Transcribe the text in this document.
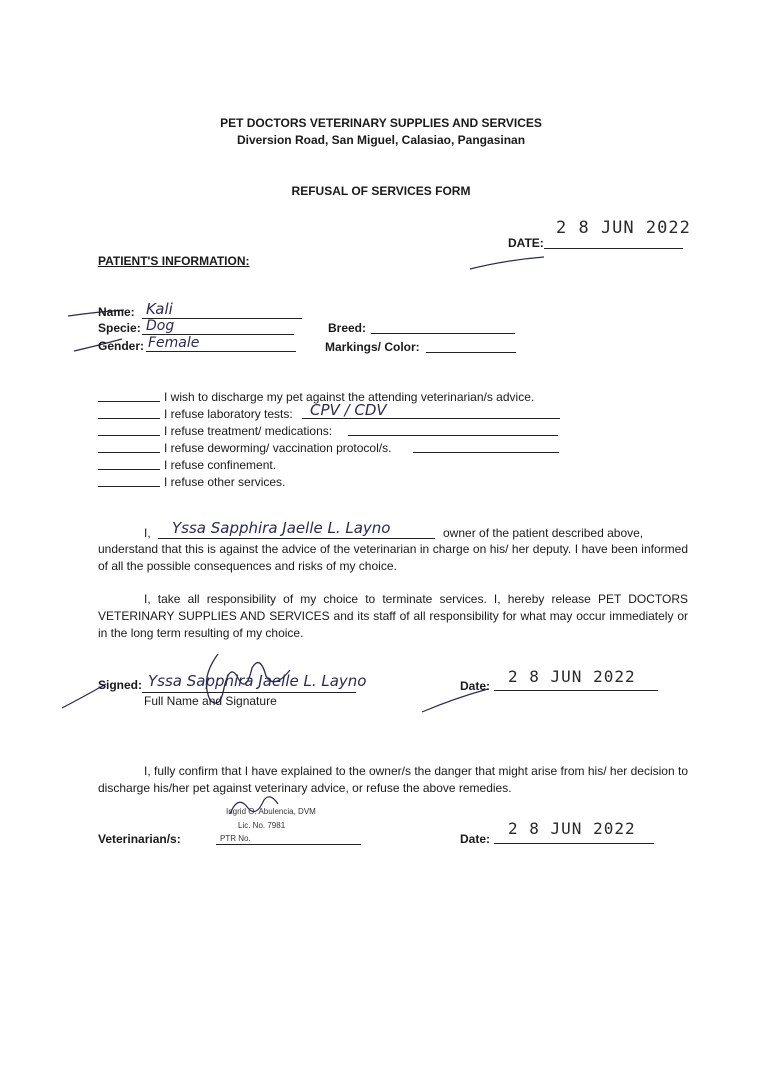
PET DOCTORS VETERINARY SUPPLIES AND SERVICES
Diversion Road, San Miguel, Calasiao, Pangasinan
REFUSAL OF SERVICES FORM
2 8 JUN 2022
DATE:
PATIENT'S INFORMATION:
Name: Kali
Specie: Dog
Gender: Female
Breed:
Markings/ Color:
I wish to discharge my pet against the attending veterinarian/s advice.
I refuse laboratory tests: CPV / CDV
I refuse treatment/ medications:
I refuse deworming/ vaccination protocol/s.
I refuse confinement.
I refuse other services.
I, Yssa Sapphira Jaelle L. Layno	owner of the patient described above,
understand that this is against the advice of the veterinarian in charge on his/ her deputy. I have been informed of all the possible consequences and risks of my choice.
I, take all responsibility of my choice to terminate services. I, hereby release PET DOCTORS VETERINARY SUPPLIES AND SERVICES and its staff of all responsibility for what may occur immediately or in the long term resulting of my choice.
Signed: Yssa Sapphira Jaelle L. Layno
Full Name and Signature
Date: 2 8 JUN 2022
I, fully confirm that I have explained to the owner/s the danger that might arise from his/ her decision to discharge his/her pet against veterinary advice, or refuse the above remedies.
Ingrid O. Abulencia, DVM
Lic. No. 7981
PTR No.
Veterinarian/s:	Date:
2 8 JUN 2022
